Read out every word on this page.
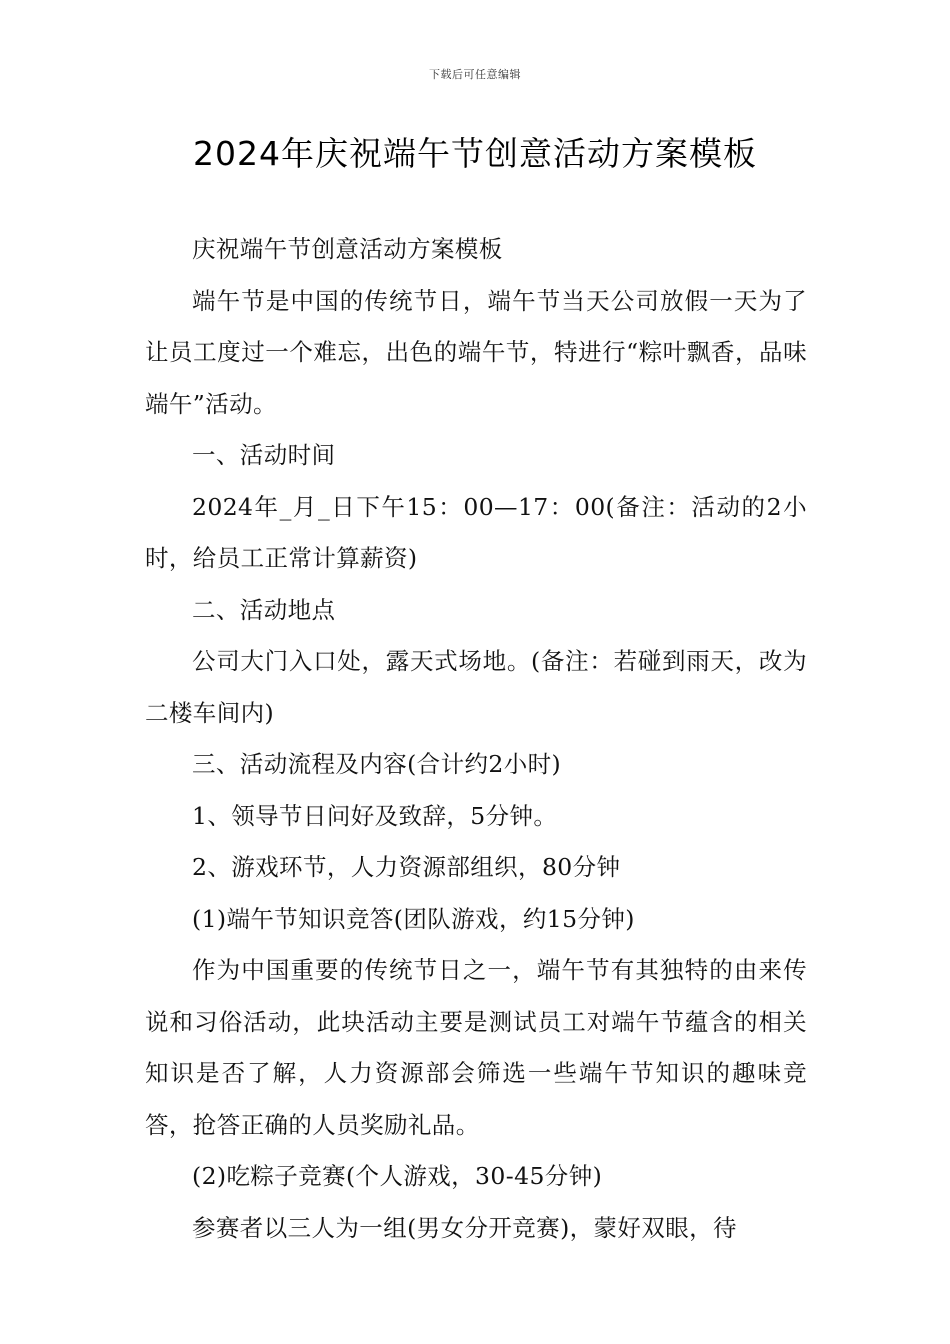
下载后可任意编辑
2024年庆祝端午节创意活动方案模板

庆祝端午节创意活动方案模板

端午节是中国的传统节日，端午节当天公司放假一天为了让员工度过一个难忘，出色的端午节，特进行“粽叶飘香，品味端午”活动。

一、活动时间

2024年_月_日下午15：00—17：00(备注：活动的2小时，给员工正常计算薪资)

二、活动地点

公司大门入口处，露天式场地。(备注：若碰到雨天，改为二楼车间内)

三、活动流程及内容(合计约2小时)

1、领导节日问好及致辞，5分钟。

2、游戏环节，人力资源部组织，80分钟

(1)端午节知识竞答(团队游戏，约15分钟)

作为中国重要的传统节日之一，端午节有其独特的由来传说和习俗活动，此块活动主要是测试员工对端午节蕴含的相关知识是否了解，人力资源部会筛选一些端午节知识的趣味竞答，抢答正确的人员奖励礼品。

(2)吃粽子竞赛(个人游戏，30-45分钟)

参赛者以三人为一组(男女分开竞赛)，蒙好双眼，待
